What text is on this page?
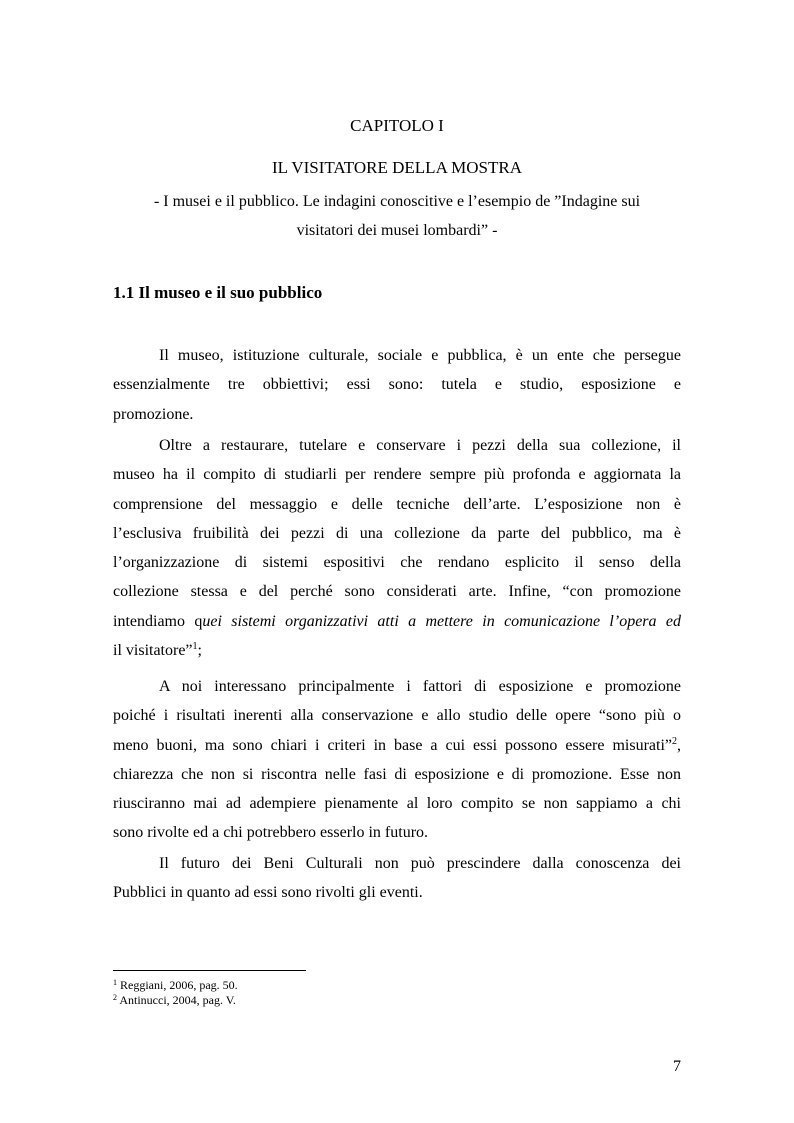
CAPITOLO I
IL VISITATORE DELLA MOSTRA
- I musei e il pubblico. Le indagini conoscitive e l’esempio de ”Indagine sui
visitatori dei musei lombardi” -
1.1 Il museo e il suo pubblico
Il museo, istituzione culturale, sociale e pubblica, è un ente che persegue
essenzialmente tre obbiettivi; essi sono: tutela e studio, esposizione e
promozione.
Oltre a restaurare, tutelare e conservare i pezzi della sua collezione, il
museo ha il compito di studiarli per rendere sempre più profonda e aggiornata la
comprensione del messaggio e delle tecniche dell’arte. L’esposizione non è
l’esclusiva fruibilità dei pezzi di una collezione da parte del pubblico, ma è
l’organizzazione di sistemi espositivi che rendano esplicito il senso della
collezione stessa e del perché sono considerati arte. Infine, “con promozione
intendiamo quei sistemi organizzativi atti a mettere in comunicazione l’opera ed
il visitatore”$^1$;
A noi interessano principalmente i fattori di esposizione e promozione
poiché i risultati inerenti alla conservazione e allo studio delle opere “sono più o
meno buoni, ma sono chiari i criteri in base a cui essi possono essere misurati”$^2$,
chiarezza che non si riscontra nelle fasi di esposizione e di promozione. Esse non
riusciranno mai ad adempiere pienamente al loro compito se non sappiamo a chi
sono rivolte ed a chi potrebbero esserlo in futuro.
Il futuro dei Beni Culturali non può prescindere dalla conoscenza dei
Pubblici in quanto ad essi sono rivolti gli eventi.
$^1$ Reggiani, 2006, pag. 50.
$^2$ Antinucci, 2004, pag. V.
7
